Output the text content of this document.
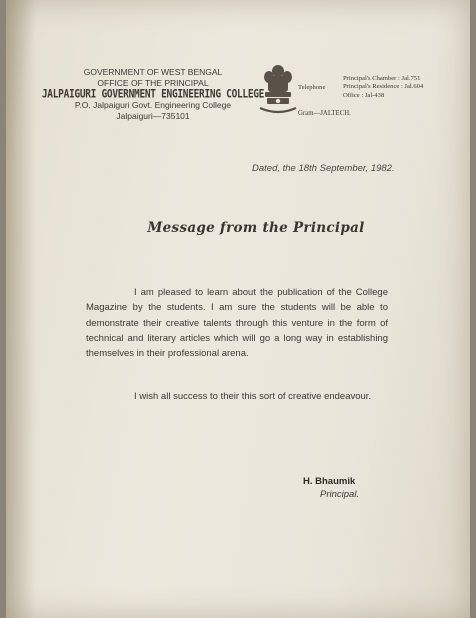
GOVERNMENT OF WEST BENGAL
OFFICE OF THE PRINCIPAL
JALPAIGURI GOVERNMENT ENGINEERING COLLEGE
P.O. Jalpaiguri Govt. Engineering College
Jalpaiguri—735101
Telephone
Principal's Chamber : Jal.751
Principal's Residence : Jal.604
Office : Jal-438
Gram—JALTECH.
Dated, the 18th September, 1982.
Message from the Principal
I am pleased to learn about the publication of the College Magazine by the students. I am sure the students will be able to demonstrate their creative talents through this venture in the form of technical and literary articles which will go a long way in establishing themselves in their professional arena.
I wish all success to their this sort of creative endeavour.
H. Bhaumik
Principal.
